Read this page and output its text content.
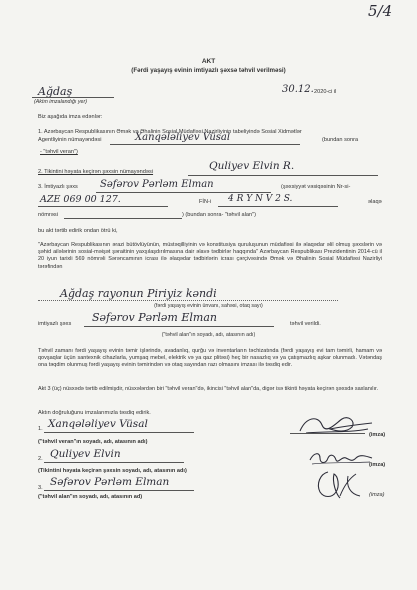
5/4
AKT
(Fərdi yaşayış evinin imtiyazlı şəxsə təhvil verilməsi)
Ağdaş
(Aktın imzalandığı yer)
30.12. 2020-ci il
Biz aşağıda imza edənlər:
1. Azərbaycan Respublikasının Əmək və Əhalinin Sosial Müdafiəsi Nazirliyinin tabeliyində Sosial Xidmətlər
Agentliyinin nümayəndəsi	Xanqələliyev Vüsal	(bundan sonra
- "təhvil veran")
2. Tikintini həyata keçirən şəxsin nümayəndəsi	Quliyev Elvin R.
3. İmtiyazlı şəxs Səfərov Pərləm Elman	(şəxsiyyət vəsiqəsinin Nr-si-
AZE 069 00 127.	FİN-i 4 R Y N V 2 S.	əlaqə
nömrəsi	) (bundan sonra- "təhvil alan")
bu akt tərtib edirik ondan ötrü ki,
"Azərbaycan Respublikasının ərazi bütövlüyünün, müstəqilliyinin və konstitusiya quruluşunun müdafiəsi ilə əlaqədar əlil olmuş şəxslərin və şəhid ailələrinin sosial-məişət şəraitinin yaxşılaşdırılmasına dair əlavə tədbirlər haqqında" Azərbaycan Respublikası Prezidentinin 2014-cü il 20 iyun tarixli 569 nömrəli Sərəncamının icrası ilə əlaqədar tədbirlərin icrası çərçivəsində Əmək və Əhalinin Sosial Müdafiəsi Nazirliyi tərəfindən
Ağdaş rayonun Piriyiz kəndi
(fərdi yaşayış evinin ünvanı, sahəsi, otaq sayı)
imtiyazlı şəxs Səfərov Pərləm Elman	təhvil verildi.
("təhvil alan"ın soyadı, adı, atasının adı)
Təhvil zamanı fərdi yaşayış evinin təmir işlərində, avadanlıq, qurğu və inventarların təchizatında (fərdi yaşayış evi tam təmirli, hamam və qovşaqlar üçün santexnik cihazlarla, yumşaq mebel, elektrik və ya qaz plitəsi) heç bir nasazlıq və ya çatışmazlıq aşkar olunmadı. Vətəndaş ona təqdim olunmuş fərdi yaşayış evinin təmirindən və otaq sayından razı olmasını imzası ilə təsdiq edir.
Akt 3 (üç) nüsxədə tərtib edilmişdir, nüsxələrdən biri "təhvil veran"də, ikincisi "təhvil alan"da, digər isə tikinti həyata keçirən şəxsdə saxlanılır.
Aktın doğruluğunu imzalarımızla təsdiq edirik.
1. Xanqələliyev Vüsal
("təhvil veran"ın soyadı, adı, atasının adı)
(imza)
2. Quliyev Elvin
(Tikintini həyata keçirən şəxsin soyadı, adı, atasının adı)
(imza)
3. Səfərov Pərləm Elman
("təhvil alan"ın soyadı, adı, atasının ad)	(imza)
